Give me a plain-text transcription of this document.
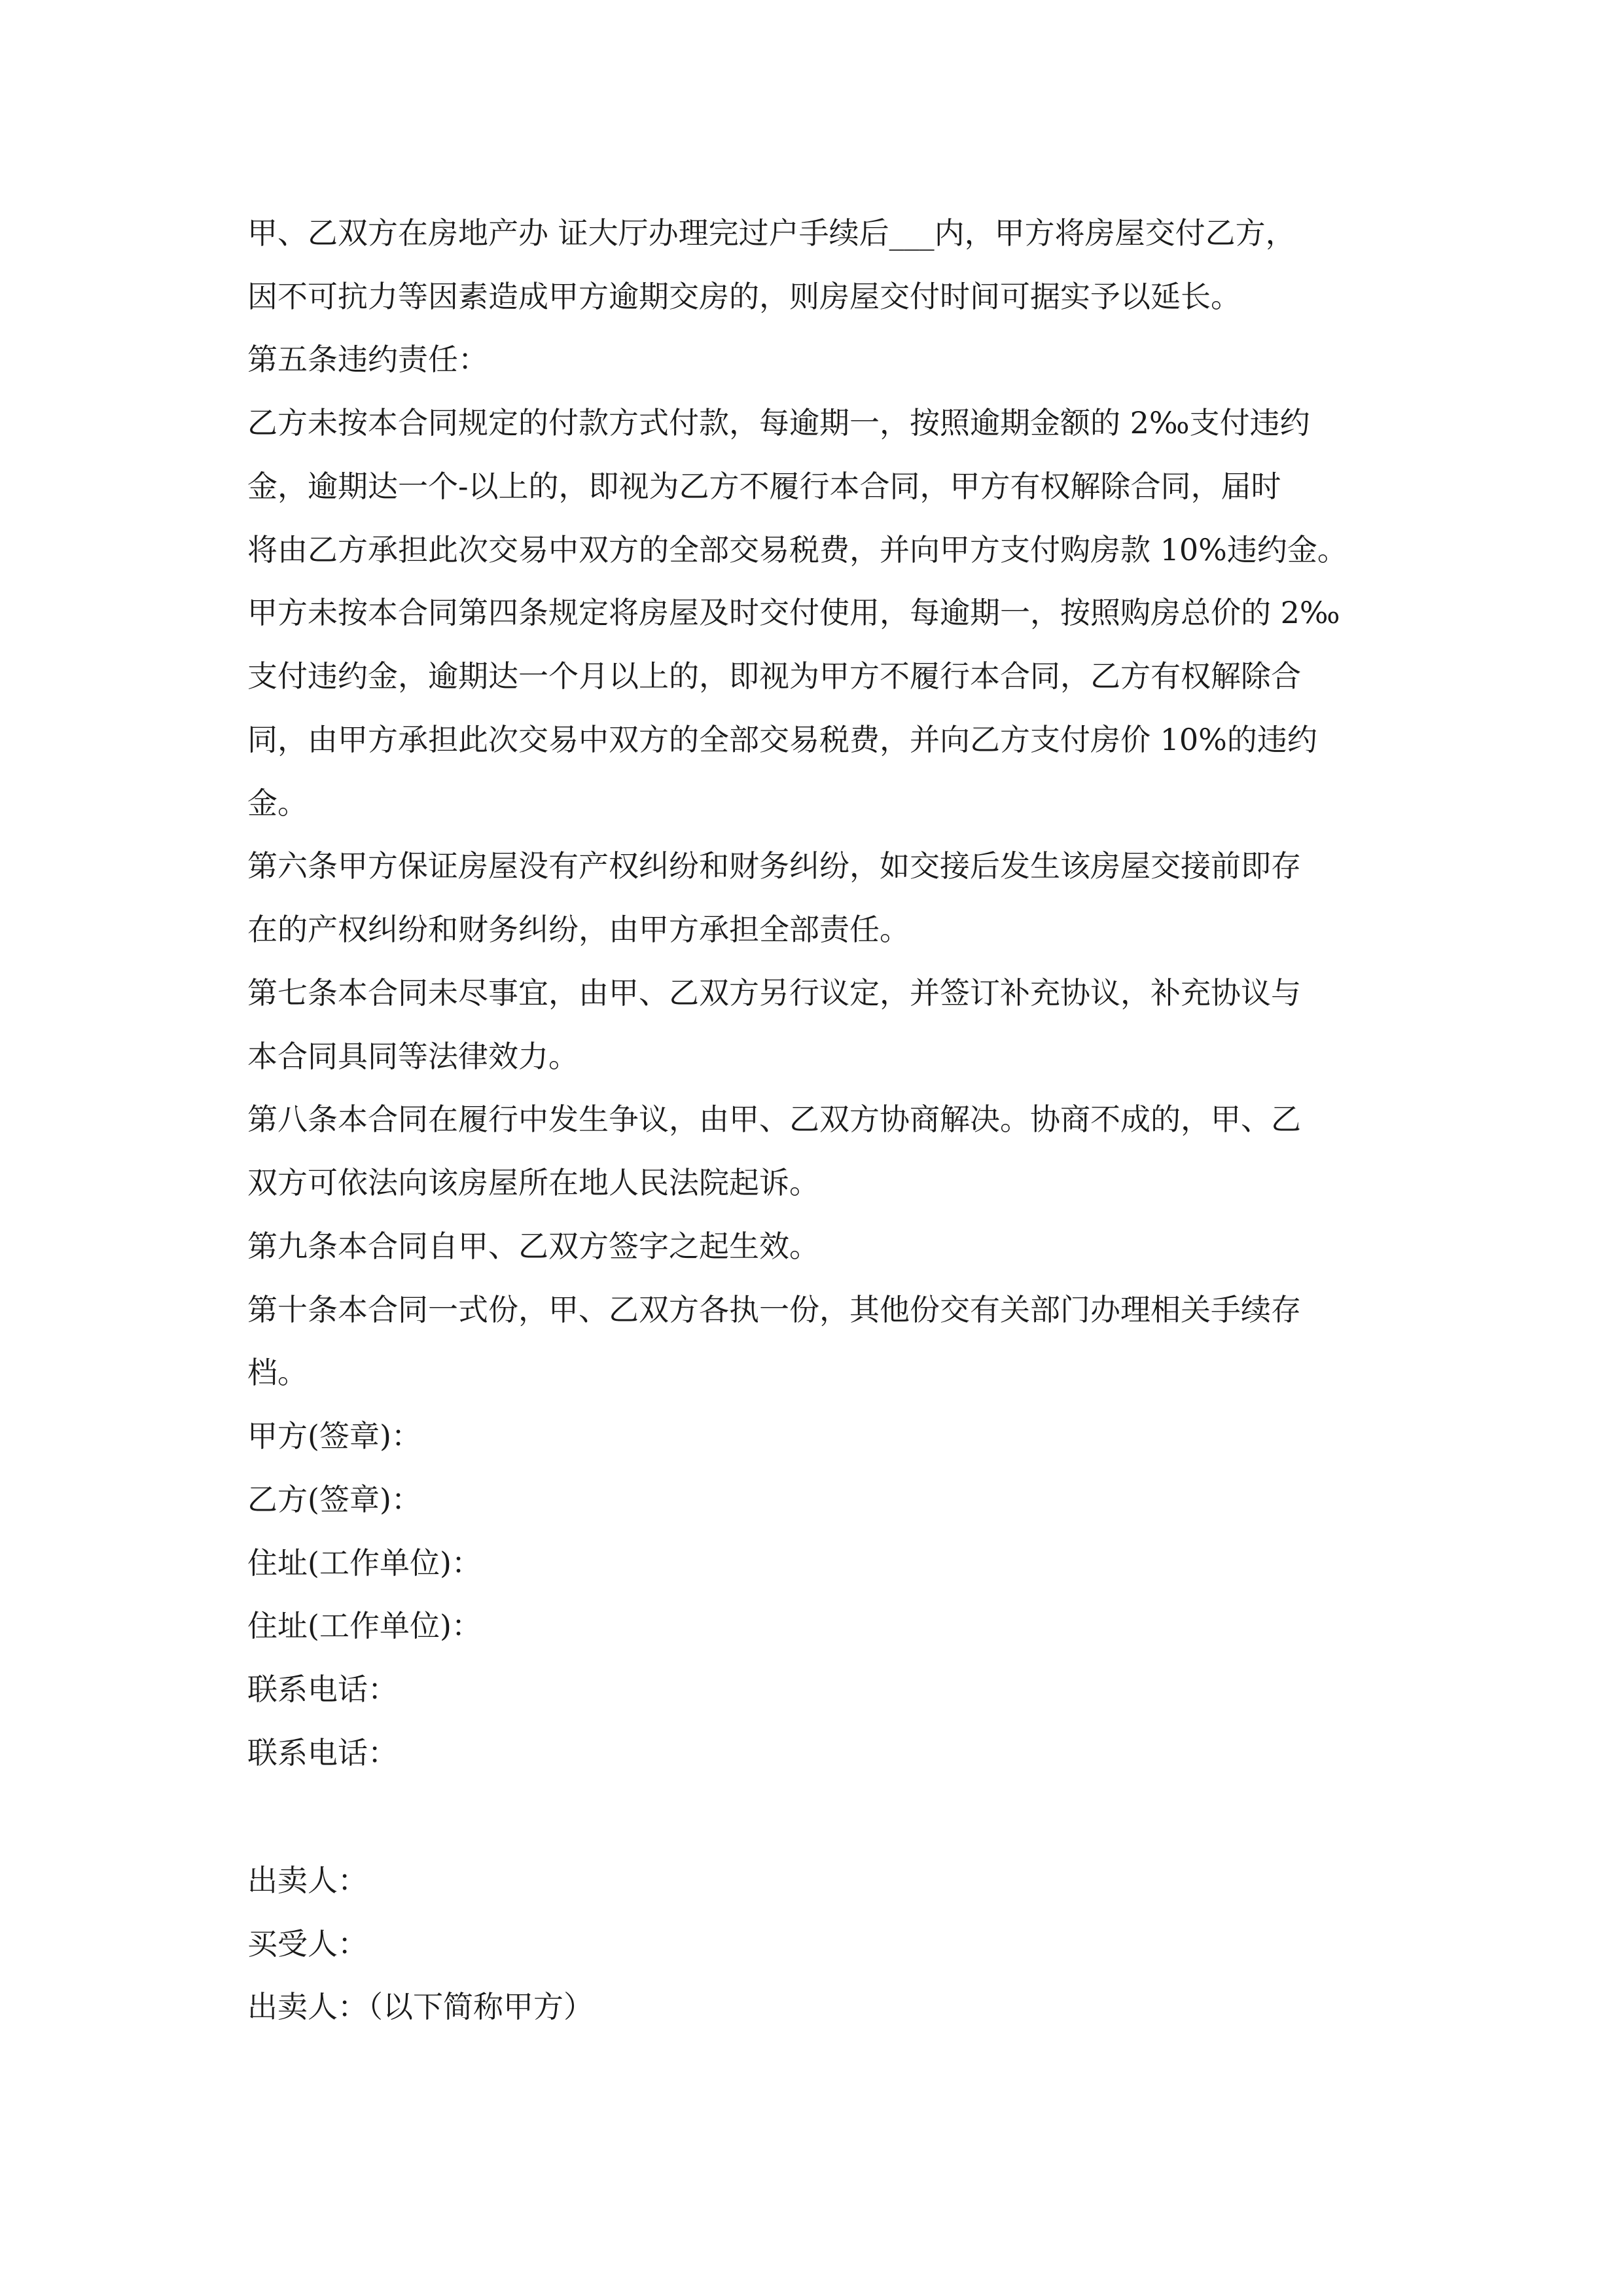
甲、乙双方在房地产办 证大厅办理完过户手续后___内，甲方将房屋交付乙方，

因不可抗力等因素造成甲方逾期交房的，则房屋交付时间可据实予以延长。

第五条违约责任：

乙方未按本合同规定的付款方式付款，每逾期一，按照逾期金额的 2‰支付违约

金，逾期达一个-以上的，即视为乙方不履行本合同，甲方有权解除合同，届时

将由乙方承担此次交易中双方的全部交易税费，并向甲方支付购房款 10%违约金。

甲方未按本合同第四条规定将房屋及时交付使用，每逾期一，按照购房总价的 2‰

支付违约金，逾期达一个月以上的，即视为甲方不履行本合同，乙方有权解除合

同，由甲方承担此次交易中双方的全部交易税费，并向乙方支付房价 10%的违约

金。

第六条甲方保证房屋没有产权纠纷和财务纠纷，如交接后发生该房屋交接前即存

在的产权纠纷和财务纠纷，由甲方承担全部责任。

第七条本合同未尽事宜，由甲、乙双方另行议定，并签订补充协议，补充协议与

本合同具同等法律效力。

第八条本合同在履行中发生争议，由甲、乙双方协商解决。协商不成的，甲、乙

双方可依法向该房屋所在地人民法院起诉。

第九条本合同自甲、乙双方签字之起生效。

第十条本合同一式份，甲、乙双方各执一份，其他份交有关部门办理相关手续存

档。

甲方(签章)：

乙方(签章)：

住址(工作单位)：

住址(工作单位)：

联系电话：

联系电话：

出卖人：

买受人：

出卖人：（以下简称甲方）
